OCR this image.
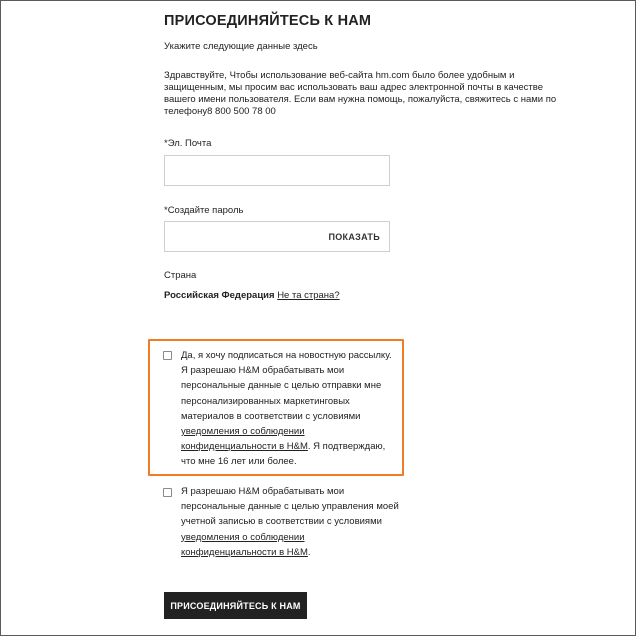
ПРИСОЕДИНЯЙТЕСЬ К НАМ
Укажите следующие данные здесь
Здравствуйте, Чтобы использование веб-сайта hm.com было более удобным и защищенным, мы просим вас использовать ваш адрес электронной почты в качестве вашего имени пользователя. Если вам нужна помощь, пожалуйста, свяжитесь с нами по телефону8 800 500 78 00
*Эл. Почта
*Создайте пароль
ПОКАЗАТЬ
Страна
Российская Федерация Не та страна?
Да, я хочу подписаться на новостную рассылку. Я разрешаю H&M обрабатывать мои персональные данные с целью отправки мне персонализированных маркетинговых материалов в соответствии с условиями уведомления о соблюдении конфиденциальности в H&M. Я подтверждаю, что мне 16 лет или более.
Я разрешаю H&M обрабатывать мои персональные данные с целью управления моей учетной записью в соответствии с условиями уведомления о соблюдении конфиденциальности в H&M.
ПРИСОЕДИНЯЙТЕСЬ К НАМ
